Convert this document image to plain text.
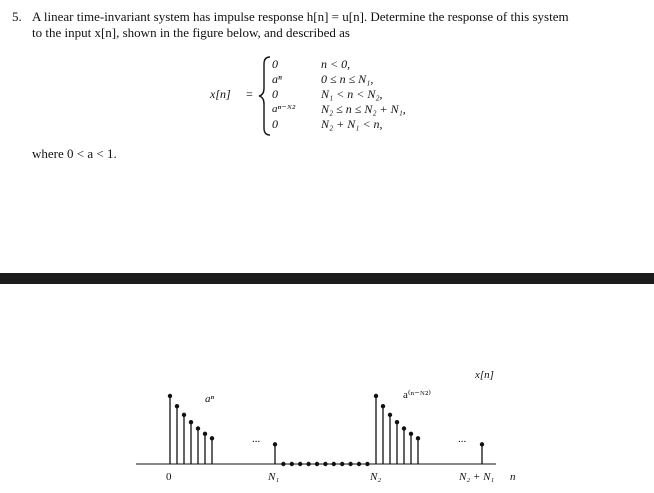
5. A linear time-invariant system has impulse response h[n] = u[n]. Determine the response of this system
to the input x[n], shown in the figure below, and described as
x[n] =
0	n < 0,
aⁿ	0 ≤ n ≤ N₁,
0	N₁ < n < N₂,
aⁿ⁻ᴺ²	N₂ ≤ n ≤ N₂ + N₁,
0	N₂ + N₁ < n,
where 0 < a < 1.
x[n]
aⁿ	a⁽ⁿ⁻ᴺ²⁾
...	...
0	N₁	N₂	N₂ + N₁ n
